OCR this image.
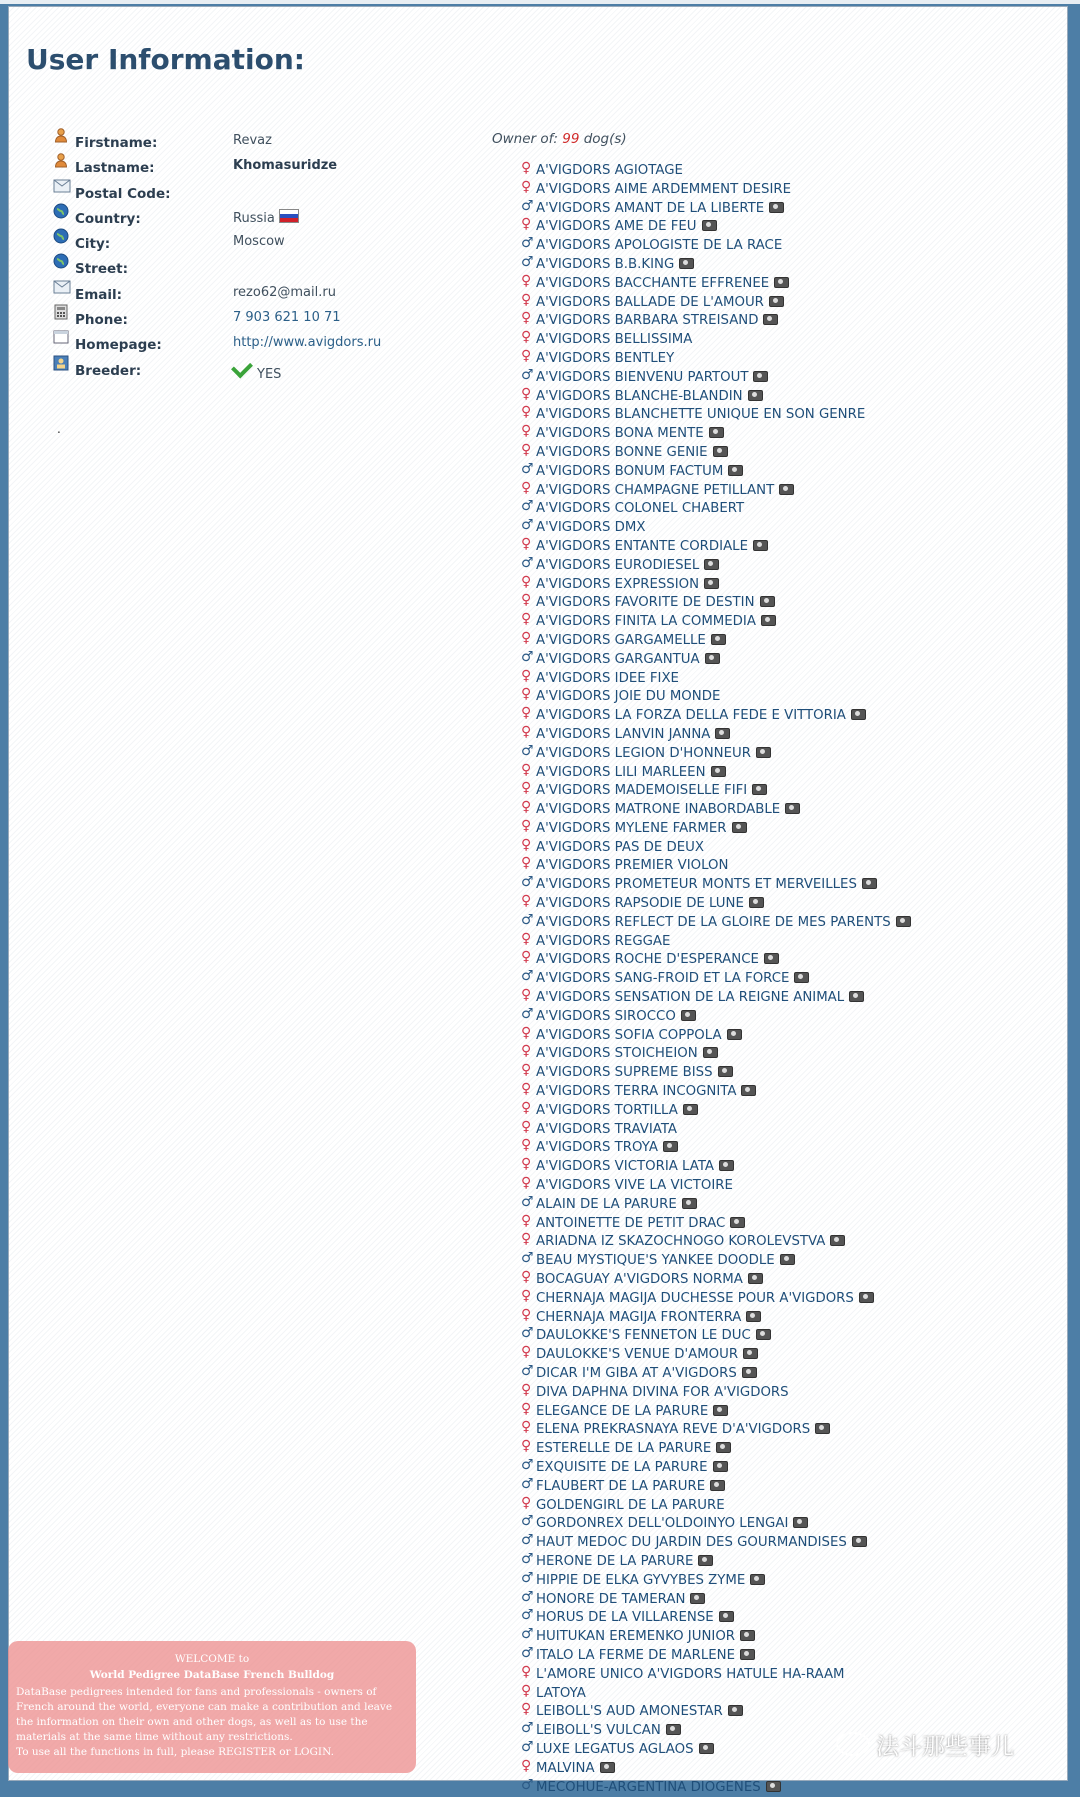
User Information:
Firstname:	Revaz
Lastname:	Khomasuridze
Postal Code:
Country:	Russia
City:	Moscow
Street:
Email:	rezo62@mail.ru
Phone:	7 903 621 10 71
Homepage:	http://www.avigdors.ru
Breeder:	YES
.
Owner of: 99 dog(s)
♀ A'VIGDORS AGIOTAGE
♀ A'VIGDORS AIME ARDEMMENT DESIRE
♂ A'VIGDORS AMANT DE LA LIBERTE
♀ A'VIGDORS AME DE FEU
♂ A'VIGDORS APOLOGISTE DE LA RACE
♂ A'VIGDORS B.B.KING
♀ A'VIGDORS BACCHANTE EFFRENEE
♀ A'VIGDORS BALLADE DE L'AMOUR
♀ A'VIGDORS BARBARA STREISAND
♀ A'VIGDORS BELLISSIMA
♀ A'VIGDORS BENTLEY
♂ A'VIGDORS BIENVENU PARTOUT
♀ A'VIGDORS BLANCHE-BLANDIN
♀ A'VIGDORS BLANCHETTE UNIQUE EN SON GENRE
♀ A'VIGDORS BONA MENTE
♀ A'VIGDORS BONNE GENIE
♂ A'VIGDORS BONUM FACTUM
♀ A'VIGDORS CHAMPAGNE PETILLANT
♂ A'VIGDORS COLONEL CHABERT
♂ A'VIGDORS DMX
♀ A'VIGDORS ENTANTE CORDIALE
♂ A'VIGDORS EURODIESEL
♀ A'VIGDORS EXPRESSION
♀ A'VIGDORS FAVORITE DE DESTIN
♀ A'VIGDORS FINITA LA COMMEDIA
♀ A'VIGDORS GARGAMELLE
♂ A'VIGDORS GARGANTUA
♀ A'VIGDORS IDEE FIXE
♀ A'VIGDORS JOIE DU MONDE
♀ A'VIGDORS LA FORZA DELLA FEDE E VITTORIA
♀ A'VIGDORS LANVIN JANNA
♂ A'VIGDORS LEGION D'HONNEUR
♀ A'VIGDORS LILI MARLEEN
♀ A'VIGDORS MADEMOISELLE FIFI
♀ A'VIGDORS MATRONE INABORDABLE
♀ A'VIGDORS MYLENE FARMER
♀ A'VIGDORS PAS DE DEUX
♀ A'VIGDORS PREMIER VIOLON
♂ A'VIGDORS PROMETEUR MONTS ET MERVEILLES
♀ A'VIGDORS RAPSODIE DE LUNE
♂ A'VIGDORS REFLECT DE LA GLOIRE DE MES PARENTS
♀ A'VIGDORS REGGAE
♀ A'VIGDORS ROCHE D'ESPERANCE
♂ A'VIGDORS SANG-FROID ET LA FORCE
♀ A'VIGDORS SENSATION DE LA REIGNE ANIMAL
♂ A'VIGDORS SIROCCO
♀ A'VIGDORS SOFIA COPPOLA
♀ A'VIGDORS STOICHEION
♀ A'VIGDORS SUPREME BISS
♀ A'VIGDORS TERRA INCOGNITA
♀ A'VIGDORS TORTILLA
♀ A'VIGDORS TRAVIATA
♀ A'VIGDORS TROYA
♀ A'VIGDORS VICTORIA LATA
♀ A'VIGDORS VIVE LA VICTOIRE
♂ ALAIN DE LA PARURE
♀ ANTOINETTE DE PETIT DRAC
♀ ARIADNA IZ SKAZOCHNOGO KOROLEVSTVA
♂ BEAU MYSTIQUE'S YANKEE DOODLE
♀ BOCAGUAY A'VIGDORS NORMA
♀ CHERNAJA MAGIJA DUCHESSE POUR A'VIGDORS
♀ CHERNAJA MAGIJA FRONTERRA
♂ DAULOKKE'S FENNETON LE DUC
♀ DAULOKKE'S VENUE D'AMOUR
♂ DICAR I'M GIBA AT A'VIGDORS
♀ DIVA DAPHNA DIVINA FOR A'VIGDORS
♀ ELEGANCE DE LA PARURE
♀ ELENA PREKRASNAYA REVE D'A'VIGDORS
♀ ESTERELLE DE LA PARURE
♂ EXQUISITE DE LA PARURE
♂ FLAUBERT DE LA PARURE
♀ GOLDENGIRL DE LA PARURE
♂ GORDONREX DELL'OLDOINYO LENGAI
♂ HAUT MEDOC DU JARDIN DES GOURMANDISES
♂ HERONE DE LA PARURE
♂ HIPPIE DE ELKA GYVYBES ZYME
♂ HONORE DE TAMERAN
♂ HORUS DE LA VILLARENSE
♂ HUITUKAN EREMENKO JUNIOR
♂ ITALO LA FERME DE MARLENE
♀ L'AMORE UNICO A'VIGDORS HATULE HA-RAAM
♀ LATOYA
♀ LEIBOLL'S AUD AMONESTAR
♂ LEIBOLL'S VULCAN
♂ LUXE LEGATUS AGLAOS
♀ MALVINA
♂ MECOHUE-ARGENTINA DIOGENES
WELCOME to
World Pedigree DataBase French Bulldog
DataBase pedigrees intended for fans and professionals - owners of French around the world, everyone can make a contribution and leave the information on their own and other dogs, as well as to use the materials at the same time without any restrictions.
To use all the functions in full, please REGISTER or LOGIN.	法斗那些事儿
